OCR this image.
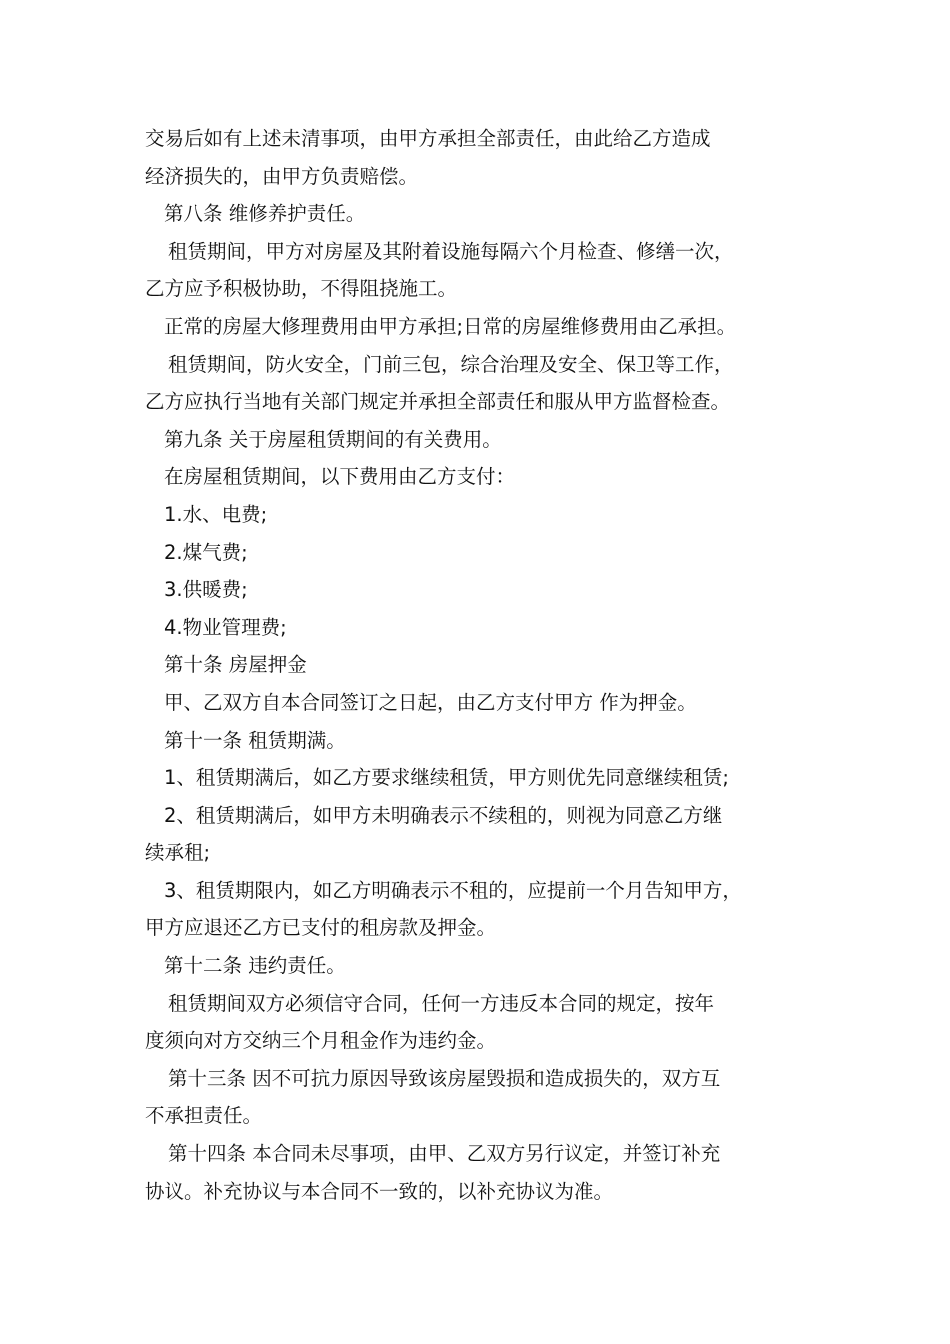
交易后如有上述未清事项，由甲方承担全部责任，由此给乙方造成
经济损失的，由甲方负责赔偿。
第八条 维修养护责任。
租赁期间，甲方对房屋及其附着设施每隔六个月检查、修缮一次，
乙方应予积极协助，不得阻挠施工。
正常的房屋大修理费用由甲方承担;日常的房屋维修费用由乙承担。
租赁期间，防火安全，门前三包，综合治理及安全、保卫等工作，
乙方应执行当地有关部门规定并承担全部责任和服从甲方监督检查。
第九条 关于房屋租赁期间的有关费用。
在房屋租赁期间，以下费用由乙方支付：
1.水、电费;
2.煤气费;
3.供暖费;
4.物业管理费;
第十条 房屋押金
甲、乙双方自本合同签订之日起，由乙方支付甲方 作为押金。
第十一条 租赁期满。
1、租赁期满后，如乙方要求继续租赁，甲方则优先同意继续租赁;
2、租赁期满后，如甲方未明确表示不续租的，则视为同意乙方继
续承租;
3、租赁期限内，如乙方明确表示不租的，应提前一个月告知甲方，
甲方应退还乙方已支付的租房款及押金。
第十二条 违约责任。
租赁期间双方必须信守合同，任何一方违反本合同的规定，按年
度须向对方交纳三个月租金作为违约金。
第十三条 因不可抗力原因导致该房屋毁损和造成损失的，双方互
不承担责任。
第十四条 本合同未尽事项，由甲、乙双方另行议定，并签订补充
协议。补充协议与本合同不一致的，以补充协议为准。
